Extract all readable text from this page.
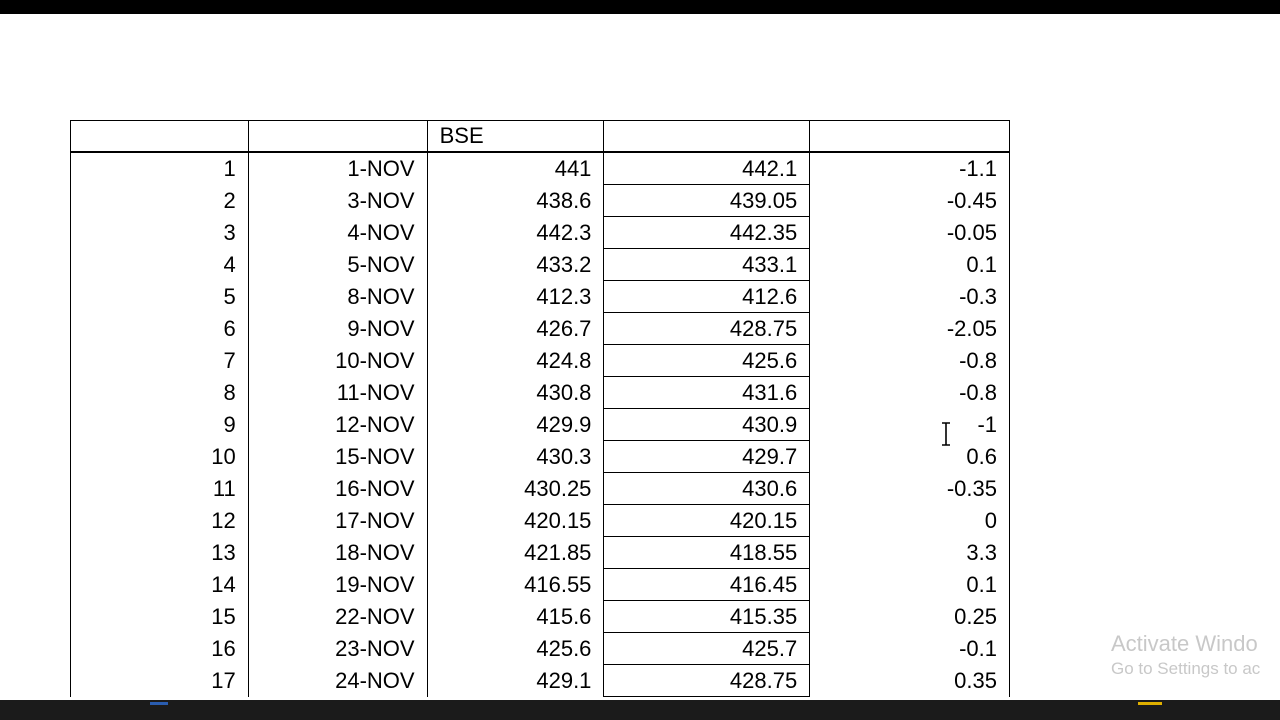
		BSE		
1	1-NOV	441	442.1	-1.1
2	3-NOV	438.6	439.05	-0.45
3	4-NOV	442.3	442.35	-0.05
4	5-NOV	433.2	433.1	0.1
5	8-NOV	412.3	412.6	-0.3
6	9-NOV	426.7	428.75	-2.05
7	10-NOV	424.8	425.6	-0.8
8	11-NOV	430.8	431.6	-0.8
9	12-NOV	429.9	430.9	-1
10	15-NOV	430.3	429.7	0.6
11	16-NOV	430.25	430.6	-0.35
12	17-NOV	420.15	420.15	0
13	18-NOV	421.85	418.55	3.3
14	19-NOV	416.55	416.45	0.1
15	22-NOV	415.6	415.35	0.25
16	23-NOV	425.6	425.7	-0.1
17	24-NOV	429.1	428.75	0.35
Activate Windo
Go to Settings to ac
